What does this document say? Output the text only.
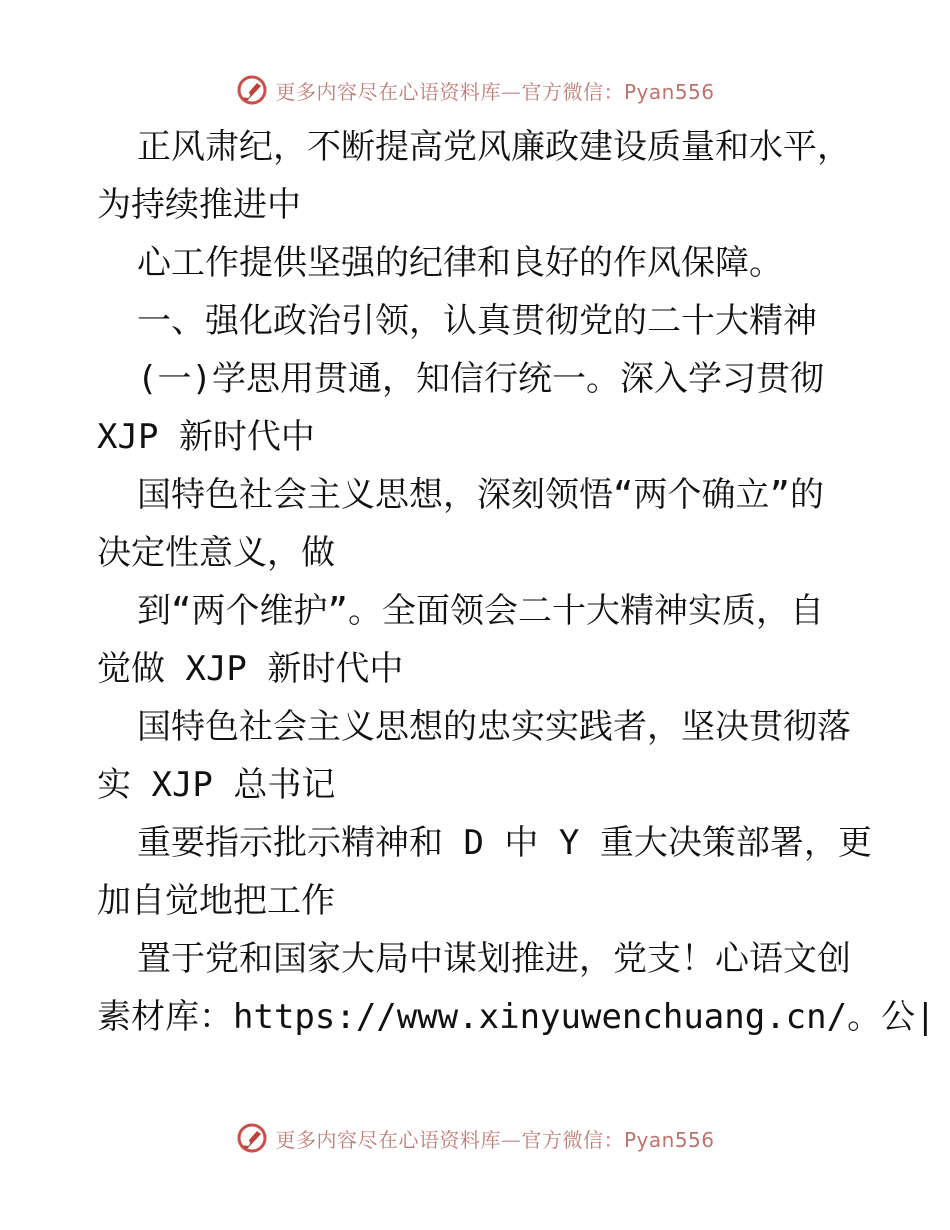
更多内容尽在心语资料库—官方微信：Pyan556
正风肃纪，不断提高党风廉政建设质量和水平，
为持续推进中
心工作提供坚强的纪律和良好的作风保障。
一、强化政治引领，认真贯彻党的二十大精神
(一)学思用贯通，知信行统一。深入学习贯彻
XJP 新时代中
国特色社会主义思想，深刻领悟“两个确立”的
决定性意义，做
到“两个维护”。全面领会二十大精神实质，自
觉做 XJP 新时代中
国特色社会主义思想的忠实实践者，坚决贯彻落
实 XJP 总书记
重要指示批示精神和 D 中 Y 重大决策部署，更
加自觉地把工作
置于党和国家大局中谋划推进，党支！心语文创
素材库：https://www.xinyuwenchuang.cn/。公|
更多内容尽在心语资料库—官方微信：Pyan556
